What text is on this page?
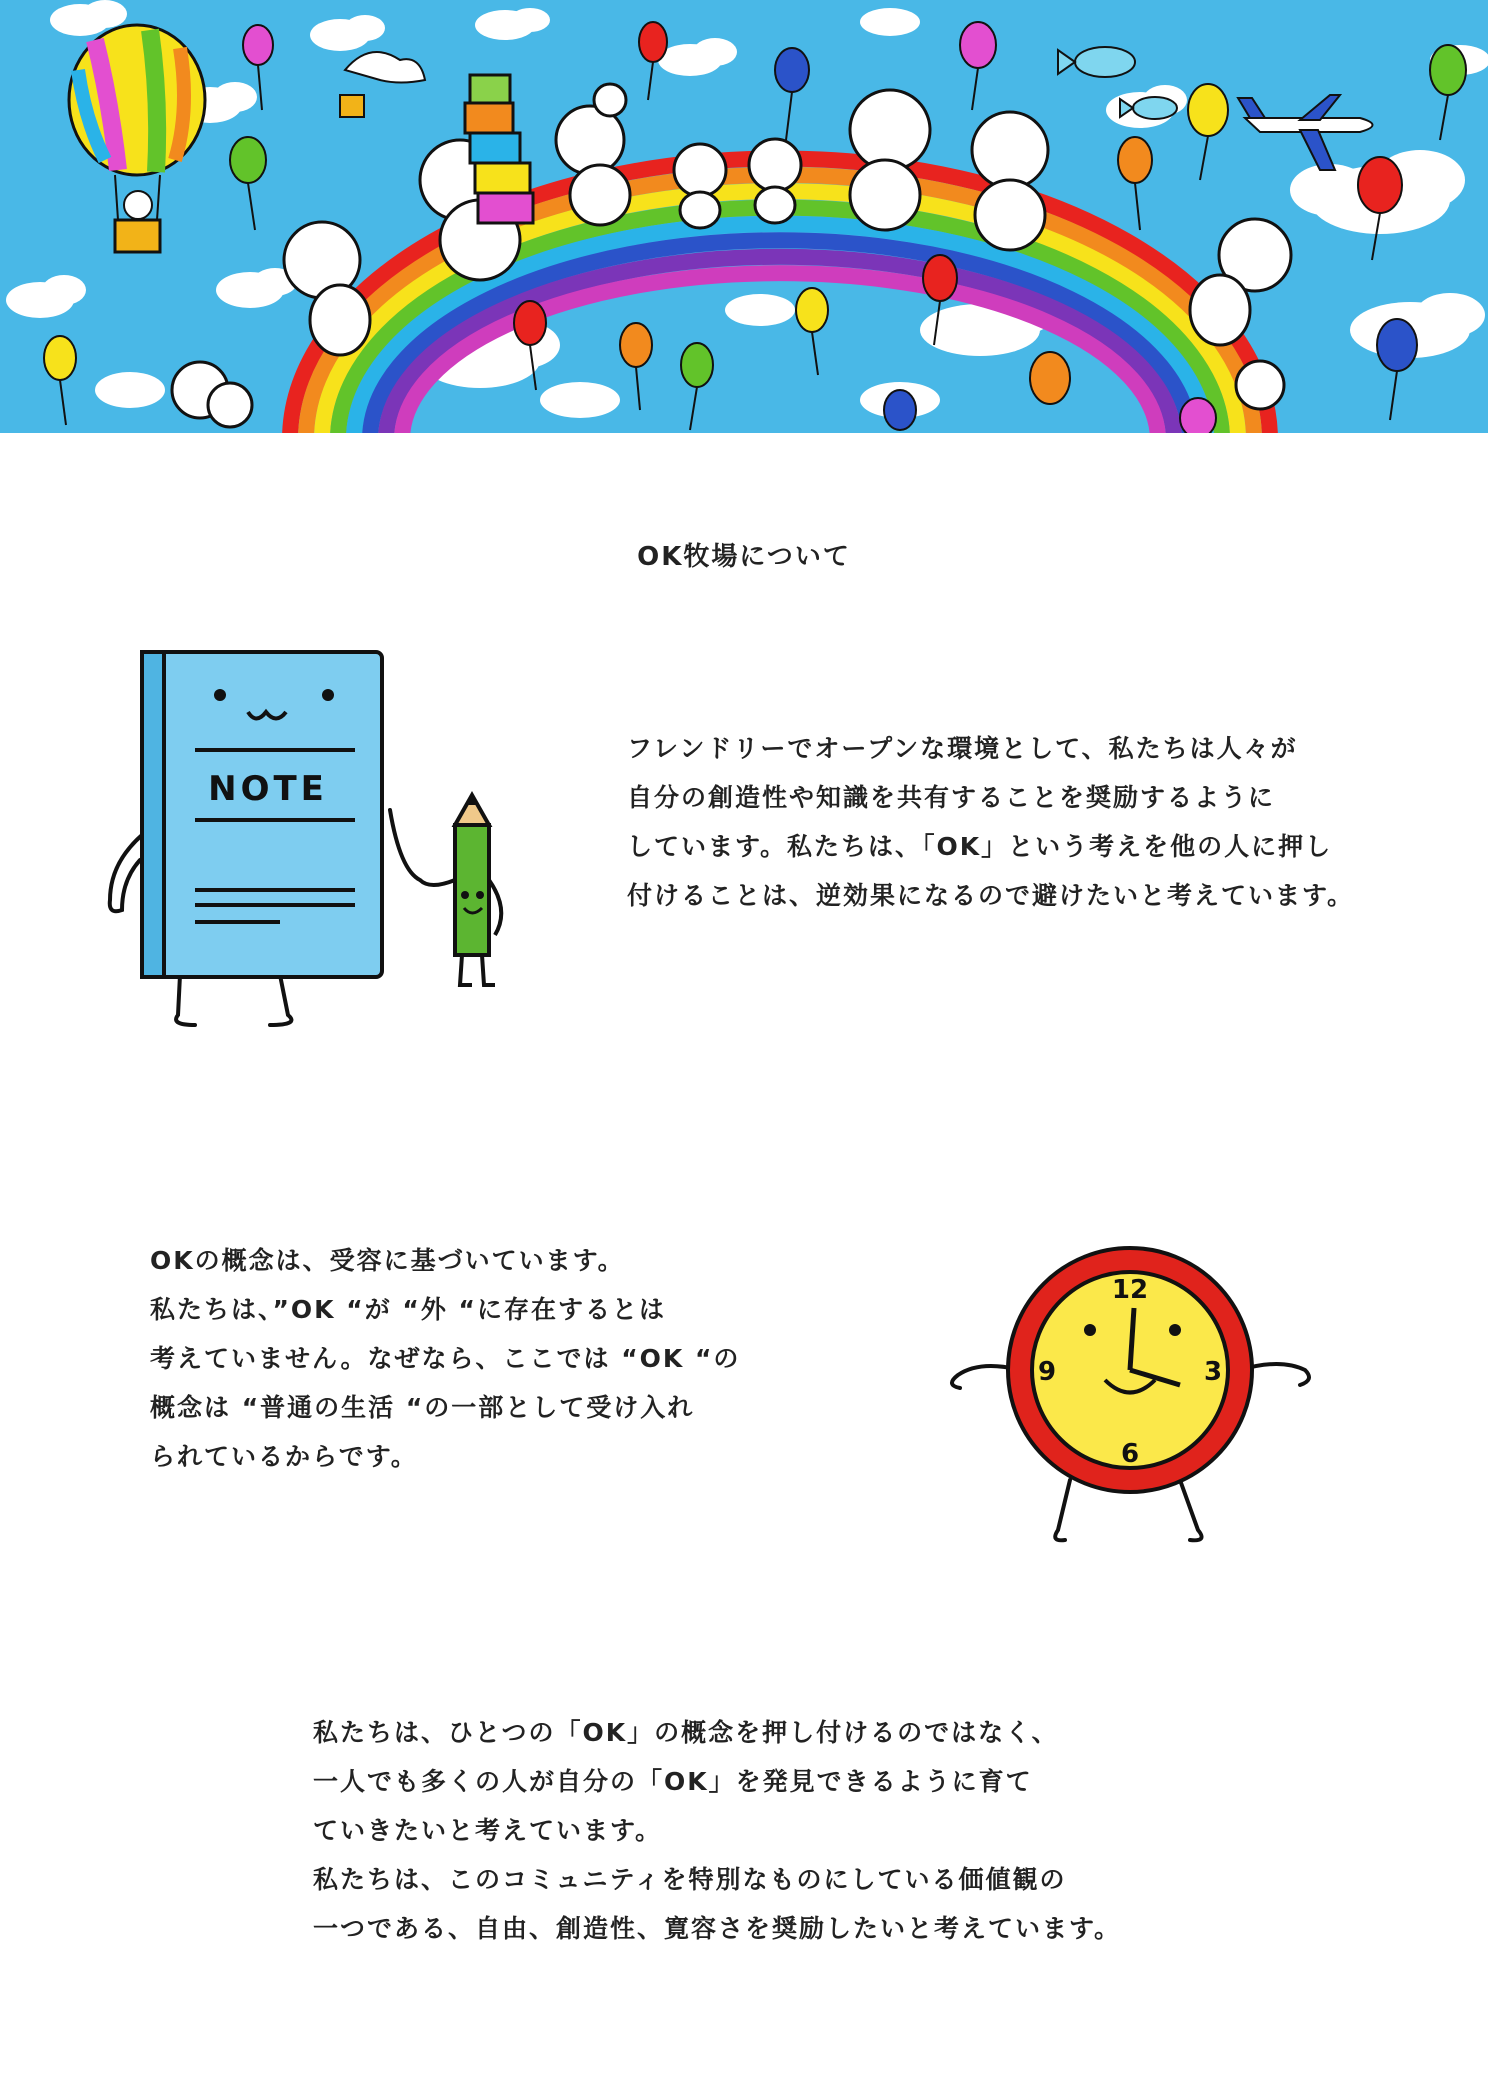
OK牧場について
NOTE
フレンドリーでオープンな環境として、私たちは人々が
自分の創造性や知識を共有することを奨励するように
しています。私たちは、「OK」という考えを他の人に押し
付けることは、逆効果になるので避けたいと考えています。
OKの概念は、受容に基づいています。
私たちは、”OK “が “外 “に存在するとは
考えていません。なぜなら、ここでは “OK “の
概念は “普通の生活 “の一部として受け入れ
られているからです。
12
3
6
9
私たちは、ひとつの「OK」の概念を押し付けるのではなく、
一人でも多くの人が自分の「OK」を発見できるように育て
ていきたいと考えています。
私たちは、このコミュニティを特別なものにしている価値観の
一つである、自由、創造性、寛容さを奨励したいと考えています。
